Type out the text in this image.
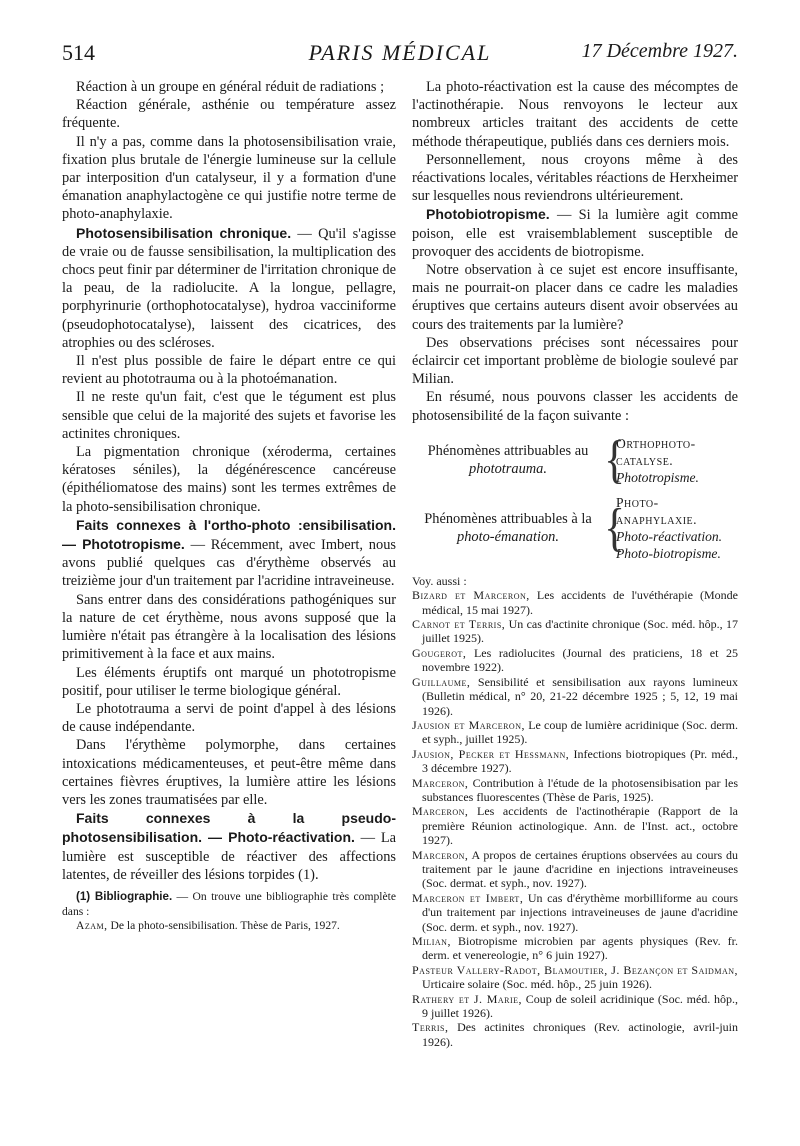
514	PARIS MÉDICAL	17 Décembre 1927.

Réaction à un groupe en général réduit de radiations ;

Réaction générale, asthénie ou température assez fréquente.

Il n'y a pas, comme dans la photosensibilisation vraie, fixation plus brutale de l'énergie lumineuse sur la cellule par interposition d'un catalyseur, il y a formation d'une émanation anaphylactogène ce qui justifie notre terme de photo-anaphylaxie.

Photosensibilisation chronique. — Qu'il s'agisse de vraie ou de fausse sensibilisation, la multiplication des chocs peut finir par déterminer de l'irritation chronique de la peau, de la radiolucite. A la longue, pellagre, porphyrinurie (orthophotocatalyse), hydroa vacciniforme (pseudophotocatalyse), laissent des cicatrices, des atrophies ou des scléroses.

Il n'est plus possible de faire le départ entre ce qui revient au phototrauma ou à la photoémanation.

Il ne reste qu'un fait, c'est que le tégument est plus sensible que celui de la majorité des sujets et favorise les actinites chroniques.

La pigmentation chronique (xéroderma, certaines kératoses séniles), la dégénérescence cancéreuse (épithéliomatose des mains) sont les termes extrêmes de la photo-sensibilisation chronique.

Faits connexes à l'ortho-photo :ensibilisation. — Phototropisme. — Récemment, avec Imbert, nous avons publié quelques cas d'érythème observés au treizième jour d'un traitement par l'acridine intraveineuse.

Sans entrer dans des considérations pathogéniques sur la nature de cet érythème, nous avons supposé que la lumière n'était pas étrangère à la localisation des lésions primitivement à la face et aux mains.

Les éléments éruptifs ont marqué un phototropisme positif, pour utiliser le terme biologique général.

Le phototrauma a servi de point d'appel à des lésions de cause indépendante.

Dans l'érythème polymorphe, dans certaines intoxications médicamenteuses, et peut-être même dans certaines fièvres éruptives, la lumière attire les lésions vers les zones traumatisées par elle.

Faits connexes à la pseudo-photosensibilisation. — Photo-réactivation. — La lumière est susceptible de réactiver des affections latentes, de réveiller des lésions torpides (1).

(1) Bibliographie. — On trouve une bibliographie très complète dans :

Azam, De la photo-sensibilisation. Thèse de Paris, 1927.

La photo-réactivation est la cause des mécomptes de l'actinothérapie. Nous renvoyons le lecteur aux nombreux articles traitant des accidents de cette méthode thérapeutique, publiés dans ces derniers mois.

Personnellement, nous croyons même à des réactivations locales, véritables réactions de Herxheimer sur lesquelles nous reviendrons ultérieurement.

Photobiotropisme. — Si la lumière agit comme poison, elle est vraisemblablement susceptible de provoquer des accidents de biotropisme.

Notre observation à ce sujet est encore insuffisante, mais ne pourrait-on placer dans ce cadre les maladies éruptives que certains auteurs disent avoir observées au cours des traitements par la lumière?

Des observations précises sont nécessaires pour éclaircir cet important problème de biologie soulevé par Milian.

En résumé, nous pouvons classer les accidents de photosensibilité de la façon suivante :

Phénomènes attribuables au
phototrauma.	{
Orthophoto-catalyse.
Phototropisme.
Phénomènes attribuables à la
photo-émanation.	{
Photo-anaphylaxie.
Photo-réactivation.
Photo-biotropisme.

Voy. aussi :

Bizard et Marceron, Les accidents de l'uvéthérapie (Monde médical, 15 mai 1927).

Carnot et Terris, Un cas d'actinite chronique (Soc. méd. hôp., 17 juillet 1925).

Gougerot, Les radiolucites (Journal des praticiens, 18 et 25 novembre 1922).

Guillaume, Sensibilité et sensibilisation aux rayons lumineux (Bulletin médical, n° 20, 21-22 décembre 1925 ; 5, 12, 19 mai 1926).

Jausion et Marceron, Le coup de lumière acridinique (Soc. derm. et syph., juillet 1925).

Jausion, Pecker et Hessmann, Infections biotropiques (Pr. méd., 3 décembre 1927).

Marceron, Contribution à l'étude de la photosensibisation par les substances fluorescentes (Thèse de Paris, 1925).

Marceron, Les accidents de l'actinothérapie (Rapport de la première Réunion actinologique. Ann. de l'Inst. act., octobre 1927).

Marceron, A propos de certaines éruptions observées au cours du traitement par le jaune d'acridine en injections intraveineuses (Soc. dermat. et syph., nov. 1927).

Marceron et Imbert, Un cas d'érythème morbilliforme au cours d'un traitement par injections intraveineuses de jaune d'acridine (Soc. derm. et syph., nov. 1927).

Milian, Biotropisme microbien par agents physiques (Rev. fr. derm. et venereologie, n° 6 juin 1927).

Pasteur Vallery-Radot, Blamoutier, J. Bezançon et Saidman, Urticaire solaire (Soc. méd. hôp., 25 juin 1926).

Rathery et J. Marie, Coup de soleil acridinique (Soc. méd. hôp., 9 juillet 1926).

Terris, Des actinites chroniques (Rev. actinologie, avril-juin 1926).
